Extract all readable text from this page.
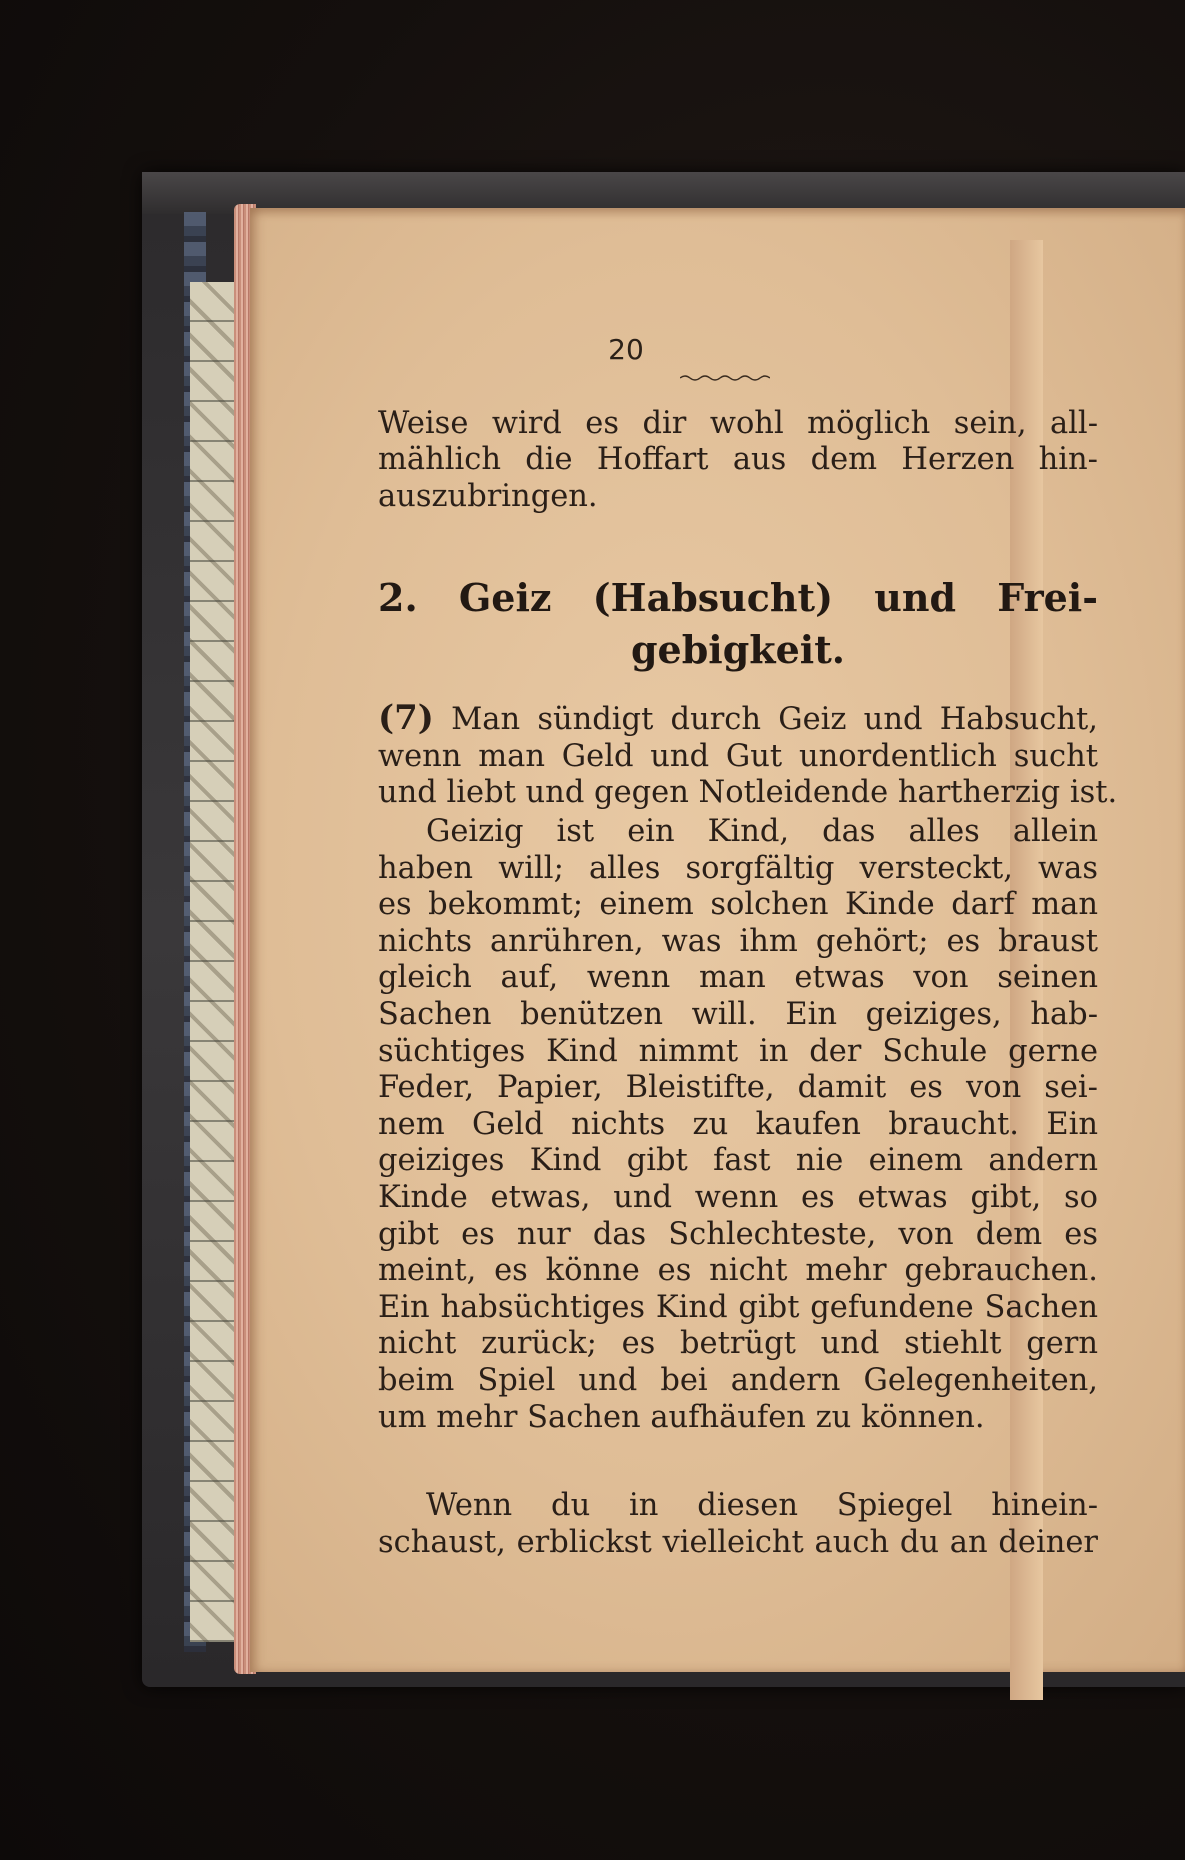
20
Weise wird es dir wohl möglich sein, all-
mählich die Hoffart aus dem Herzen hin-
auszubringen.
2. Geiz (Habsucht) und Frei-
gebigkeit.
(7) Man sündigt durch Geiz und Habsucht,
wenn man Geld und Gut unordentlich sucht
und liebt und gegen Notleidende hartherzig ist.
Geizig ist ein Kind, das alles allein
haben will; alles sorgfältig versteckt, was
es bekommt; einem solchen Kinde darf man
nichts anrühren, was ihm gehört; es braust
gleich auf, wenn man etwas von seinen
Sachen benützen will. Ein geiziges, hab-
süchtiges Kind nimmt in der Schule gerne
Feder, Papier, Bleistifte, damit es von sei-
nem Geld nichts zu kaufen braucht. Ein
geiziges Kind gibt fast nie einem andern
Kinde etwas, und wenn es etwas gibt, so
gibt es nur das Schlechteste, von dem es
meint, es könne es nicht mehr gebrauchen.
Ein habsüchtiges Kind gibt gefundene Sachen
nicht zurück; es betrügt und stiehlt gern
beim Spiel und bei andern Gelegenheiten,
um mehr Sachen aufhäufen zu können.
Wenn du in diesen Spiegel hinein-
schaust, erblickst vielleicht auch du an deiner
